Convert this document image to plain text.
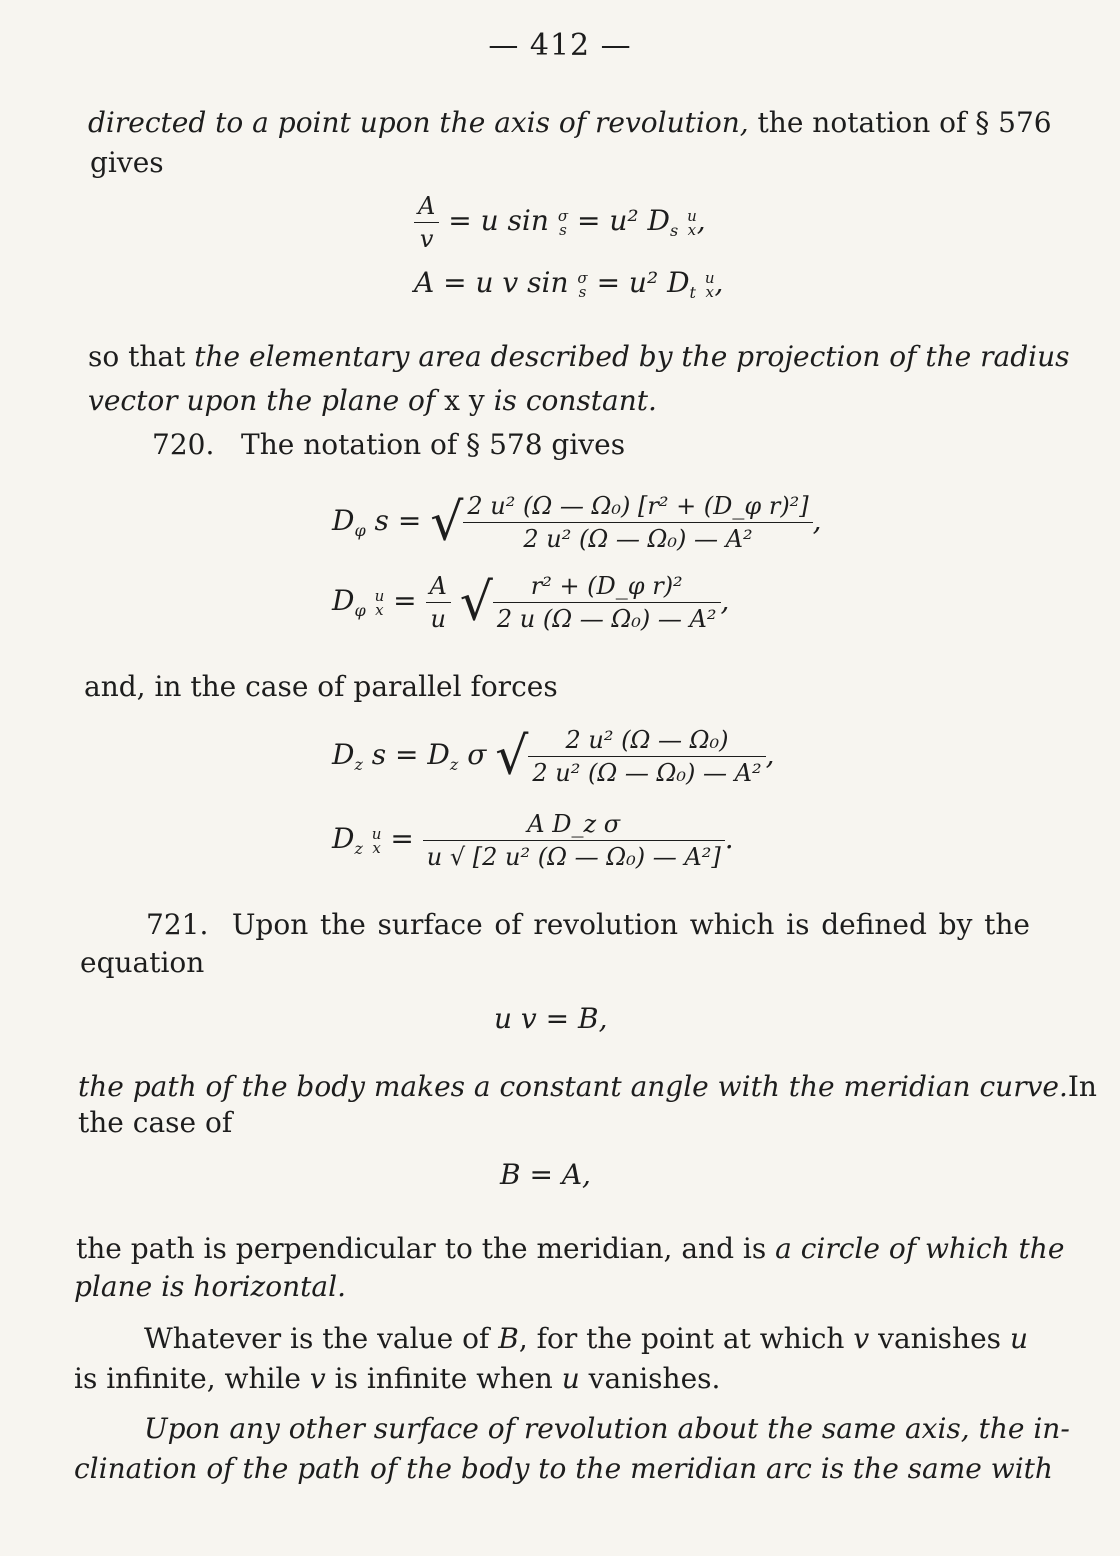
— 412 —
directed to a point upon the axis of revolution, the notation of § 576
gives
$\frac{A}{v} = u$ sin σ
s = u² $D_s$
u
x ,
A = u v sin σ
s = u² $D_t$
u
x ,
so that the elementary area described by the projection of the radius
vector upon the plane of x y is constant.
720. The notation of § 578 gives
$D_\varphi$ s = √ $\frac{\text{2 u² (Ω — Ω₀) [r² + (D\_φ r)²]}}{\text{2 u² (Ω — Ω₀) — A²}}$ ,
$D_\varphi$
u
$x = \frac{A}{u}$ √ $\frac{\text{r² + (D\_φ r)²}}{\text{2 u (Ω — Ω₀) — A²}}$ ,
and, in the case of parallel forces
$D_z$ $s = D_z$ σ √ $\frac{\text{2 u² (Ω — Ω₀)}}{\text{2 u² (Ω — Ω₀) — A²}}$ ,
$D_z$
u
$x = \frac{\text{A D\_z σ}}{\text{u √ [2 u² (Ω — Ω₀) — A²]}}$ .
721. Upon the surface of revolution which is defined by the
equation
u v = B,
the path of the body makes a constant angle with the meridian curve.In
the case of
B = A,
the path is perpendicular to the meridian, and is a circle of which the
plane is horizontal.
Whatever is the value of B, for the point at which v vanishes u
is infinite, while v is infinite when u vanishes.
Upon any other surface of revolution about the same axis, the in-
clination of the path of the body to the meridian arc is the same with
